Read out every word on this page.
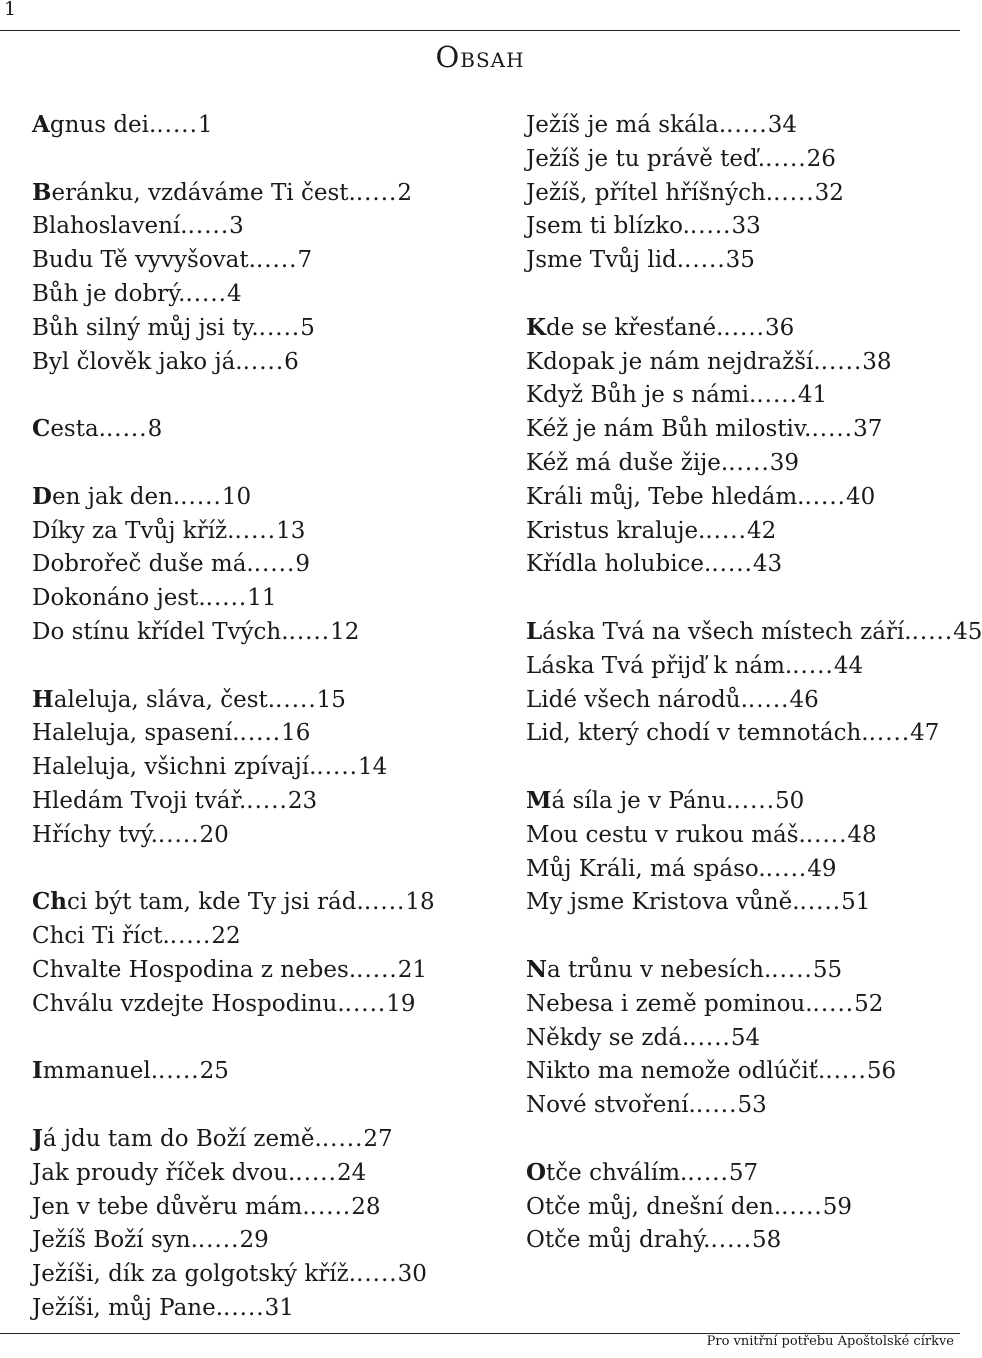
1
Obsah
Agnus dei......1
Beránku, vzdáváme Ti čest......2
Blahoslavení......3
Budu Tě vyvyšovat......7
Bůh je dobrý......4
Bůh silný můj jsi ty......5
Byl člověk jako já......6
Cesta......8
Den jak den......10
Díky za Tvůj kříž......13
Dobrořeč duše má......9
Dokonáno jest......11
Do stínu křídel Tvých......12
Haleluja, sláva, čest......15
Haleluja, spasení......16
Haleluja, všichni zpívají......14
Hledám Tvoji tvář......23
Hříchy tvý......20
Chci být tam, kde Ty jsi rád......18
Chci Ti říct......22
Chvalte Hospodina z nebes......21
Chválu vzdejte Hospodinu......19
Immanuel......25
Já jdu tam do Boží země......27
Jak proudy říček dvou......24
Jen v tebe důvěru mám......28
Ježíš Boží syn......29
Ježíši, dík za golgotský kříž......30
Ježíši, můj Pane......31
Ježíš je má skála......34
Ježíš je tu právě teď......26
Ježíš, přítel hříšných......32
Jsem ti blízko......33
Jsme Tvůj lid......35
Kde se křesťané......36
Kdopak je nám nejdražší......38
Když Bůh je s námi......41
Kéž je nám Bůh milostiv......37
Kéž má duše žije......39
Králi můj, Tebe hledám......40
Kristus kraluje......42
Křídla holubice......43
Láska Tvá na všech místech září......45
Láska Tvá přijď k nám......44
Lidé všech národů......46
Lid, který chodí v temnotách......47
Má síla je v Pánu......50
Mou cestu v rukou máš......48
Můj Králi, má spáso......49
My jsme Kristova vůně......51
Na trůnu v nebesích......55
Nebesa i země pominou......52
Někdy se zdá......54
Nikto ma nemože odlúčiť......56
Nové stvoření......53
Otče chválím......57
Otče můj, dnešní den......59
Otče můj drahý......58
Pro vnitřní potřebu Apoštolské církve
